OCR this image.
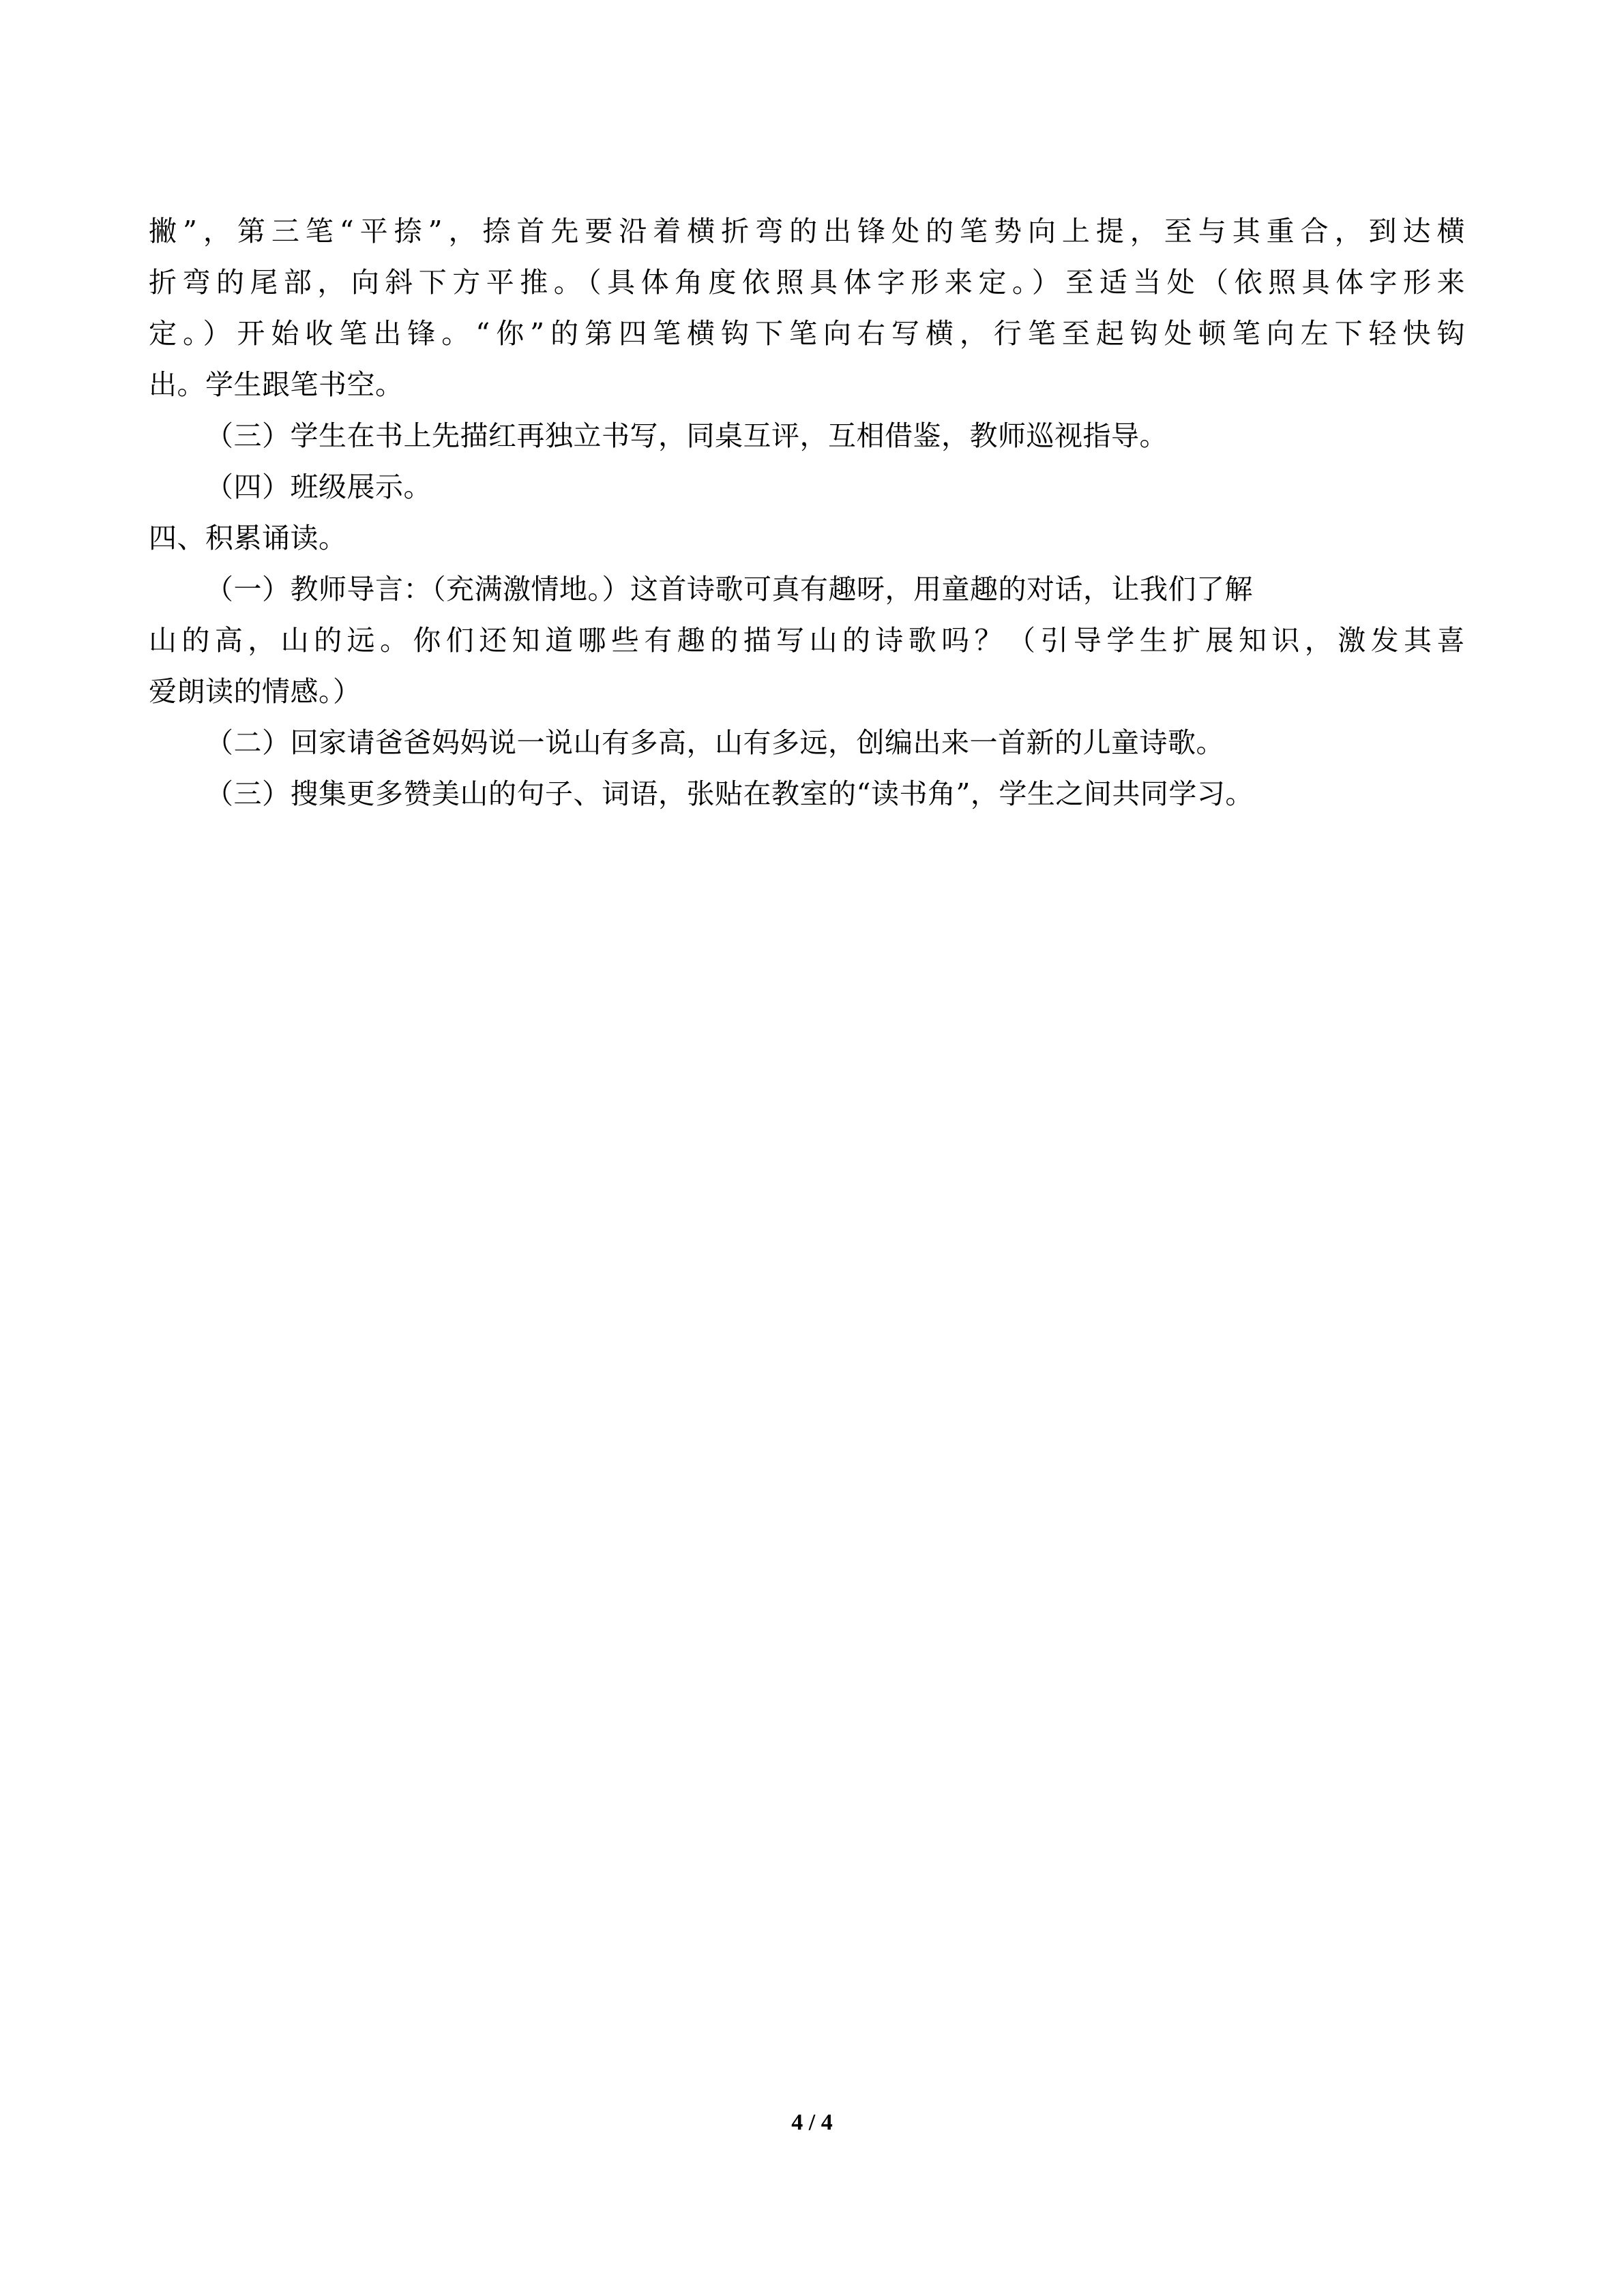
撇”，第三笔“平捺”，捺首先要沿着横折弯的出锋处的笔势向上提，至与其重合，到达横
折弯的尾部，向斜下方平推。（具体角度依照具体字形来定。）至适当处（依照具体字形来
定。）开始收笔出锋。“你”的第四笔横钩下笔向右写横，行笔至起钩处顿笔向左下轻快钩
出。学生跟笔书空。
（三）学生在书上先描红再独立书写，同桌互评，互相借鉴，教师巡视指导。
（四）班级展示。
四、积累诵读。
（一）教师导言：（充满激情地。）这首诗歌可真有趣呀，用童趣的对话，让我们了解
山的高，山的远。你们还知道哪些有趣的描写山的诗歌吗？（引导学生扩展知识，激发其喜
爱朗读的情感。）
（二）回家请爸爸妈妈说一说山有多高，山有多远，创编出来一首新的儿童诗歌。
（三）搜集更多赞美山的句子、词语，张贴在教室的“读书角”，学生之间共同学习。
4 / 4
